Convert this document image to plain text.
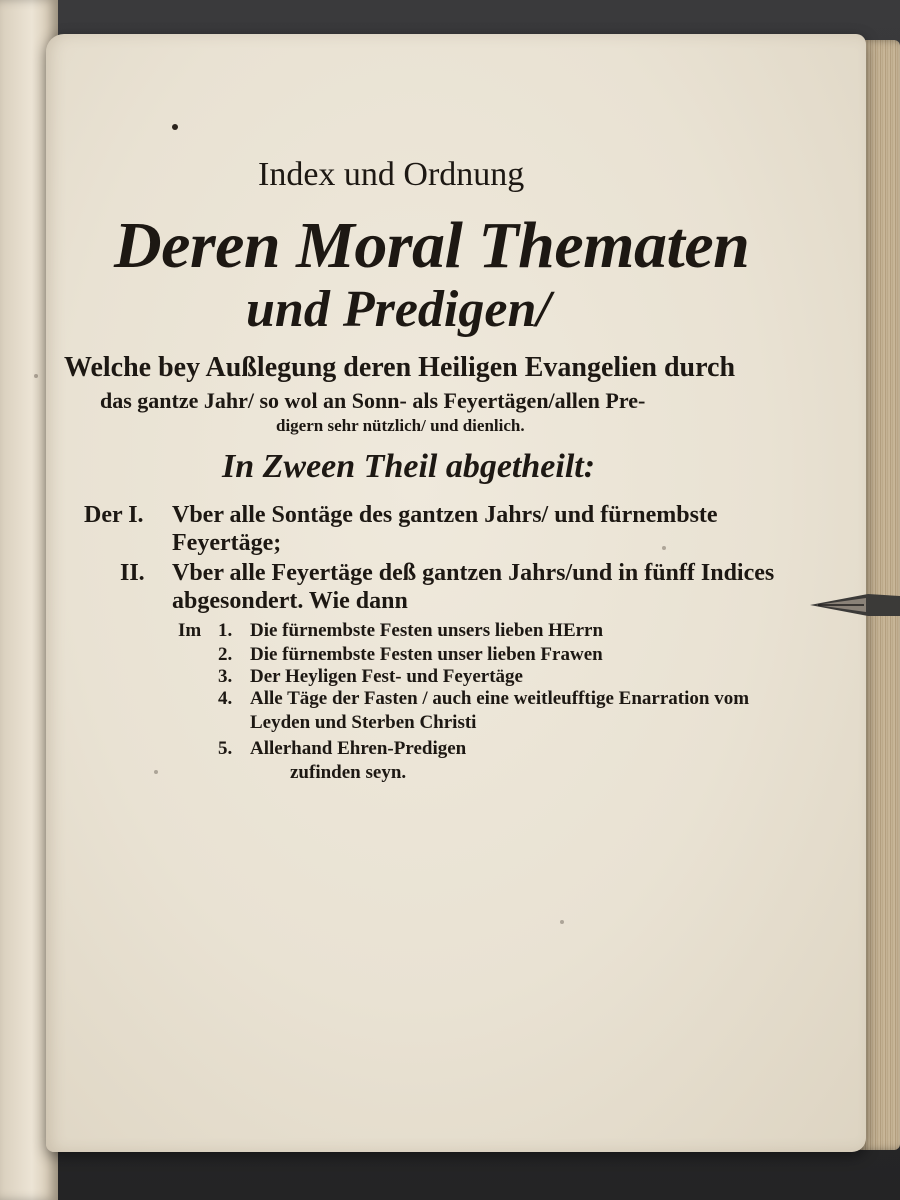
Index und Ordnung
Deren Moral Thematen
und Predigen/
Welche bey Außlegung deren Heiligen Evangelien durch
das gantze Jahr/ so wol an Sonn- als Feyertägen/allen Pre-
digern sehr nützlich/ und dienlich.
In Zween Theil abgetheilt:
Der I. Vber alle Sontäge des gantzen Jahrs/ und fürnembste
Feyertäge;
II. Vber alle Feyertäge deß gantzen Jahrs/und in fünff Indices
abgesondert. Wie dann
Im 1. Die fürnembste Festen unsers lieben HErrn
2. Die fürnembste Festen unser lieben Frawen
3. Der Heyligen Fest- und Feyertäge
4. Alle Täge der Fasten / auch eine weitleufftige Enarration vom
Leyden und Sterben Christi
5. Allerhand Ehren-Predigen
zufinden seyn.
